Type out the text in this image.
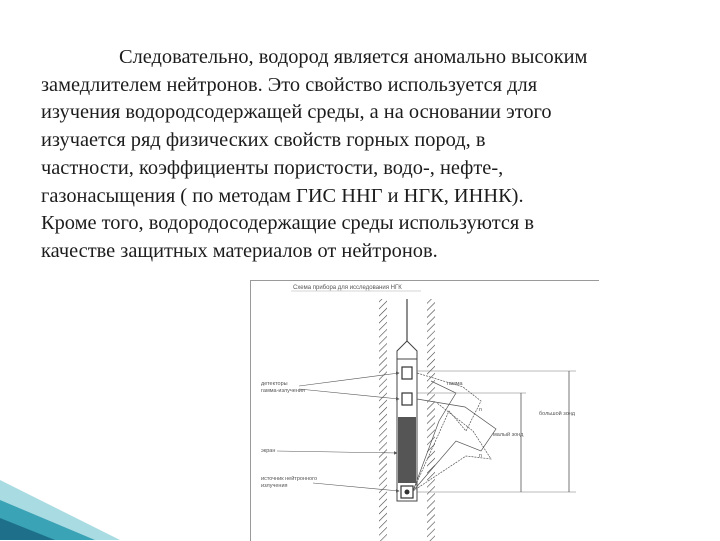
Следовательно, водород является аномально высоким
замедлителем нейтронов. Это свойство используется для
изучения водородсодержащей среды, а на основании этого
изучается ряд физических свойств горных пород, в
частности, коэффициенты пористости, водо-, нефте-,
газонасыщения ( по методам ГИС ННГ и НГК, ИННК).
Кроме того, водородосодержащие среды используются в
качестве защитных материалов от нейтронов.

Схема прибора для исследования НГК
детекторы
гамма-излучения
экран
источник нейтронного
излучения
гамма
n
n
малый зонд
большой зонд
